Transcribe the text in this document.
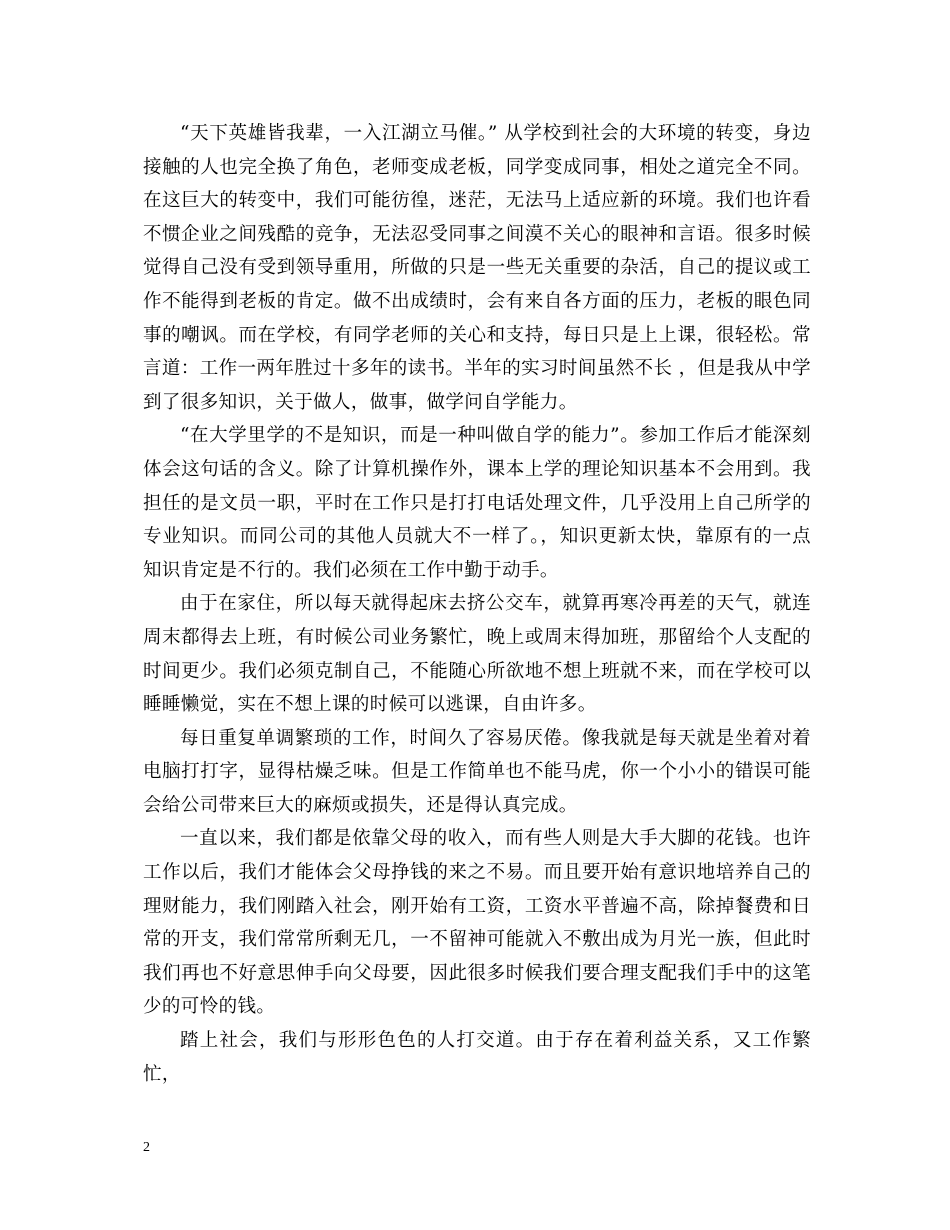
“天下英雄皆我辈，一入江湖立马催。” 从学校到社会的大环境的转变，身边接触的人也完全换了角色，老师变成老板，同学变成同事，相处之道完全不同。在这巨大的转变中，我们可能彷徨，迷茫，无法马上适应新的环境。我们也许看不惯企业之间残酷的竞争，无法忍受同事之间漠不关心的眼神和言语。很多时候觉得自己没有受到领导重用，所做的只是一些无关重要的杂活，自己的提议或工作不能得到老板的肯定。做不出成绩时，会有来自各方面的压力，老板的眼色同事的嘲讽。而在学校，有同学老师的关心和支持，每日只是上上课，很轻松。常言道：工作一两年胜过十多年的读书。半年的实习时间虽然不长 ，但是我从中学到了很多知识，关于做人，做事，做学问自学能力。

“在大学里学的不是知识，而是一种叫做自学的能力”。参加工作后才能深刻体会这句话的含义。除了计算机操作外，课本上学的理论知识基本不会用到。我担任的是文员一职，平时在工作只是打打电话处理文件，几乎没用上自己所学的专业知识。而同公司的其他人员就大不一样了。，知识更新太快，靠原有的一点知识肯定是不行的。我们必须在工作中勤于动手。

由于在家住，所以每天就得起床去挤公交车，就算再寒冷再差的天气，就连周末都得去上班，有时候公司业务繁忙，晚上或周末得加班，那留给个人支配的时间更少。我们必须克制自己，不能随心所欲地不想上班就不来，而在学校可以睡睡懒觉，实在不想上课的时候可以逃课，自由许多。

每日重复单调繁琐的工作，时间久了容易厌倦。像我就是每天就是坐着对着电脑打打字，显得枯燥乏味。但是工作简单也不能马虎，你一个小小的错误可能会给公司带来巨大的麻烦或损失，还是得认真完成。

一直以来，我们都是依靠父母的收入，而有些人则是大手大脚的花钱。也许工作以后，我们才能体会父母挣钱的来之不易。而且要开始有意识地培养自己的理财能力，我们刚踏入社会，刚开始有工资，工资水平普遍不高，除掉餐费和日常的开支，我们常常所剩无几，一不留神可能就入不敷出成为月光一族，但此时我们再也不好意思伸手向父母要，因此很多时候我们要合理支配我们手中的这笔少的可怜的钱。

踏上社会，我们与形形色色的人打交道。由于存在着利益关系，又工作繁忙，

2
